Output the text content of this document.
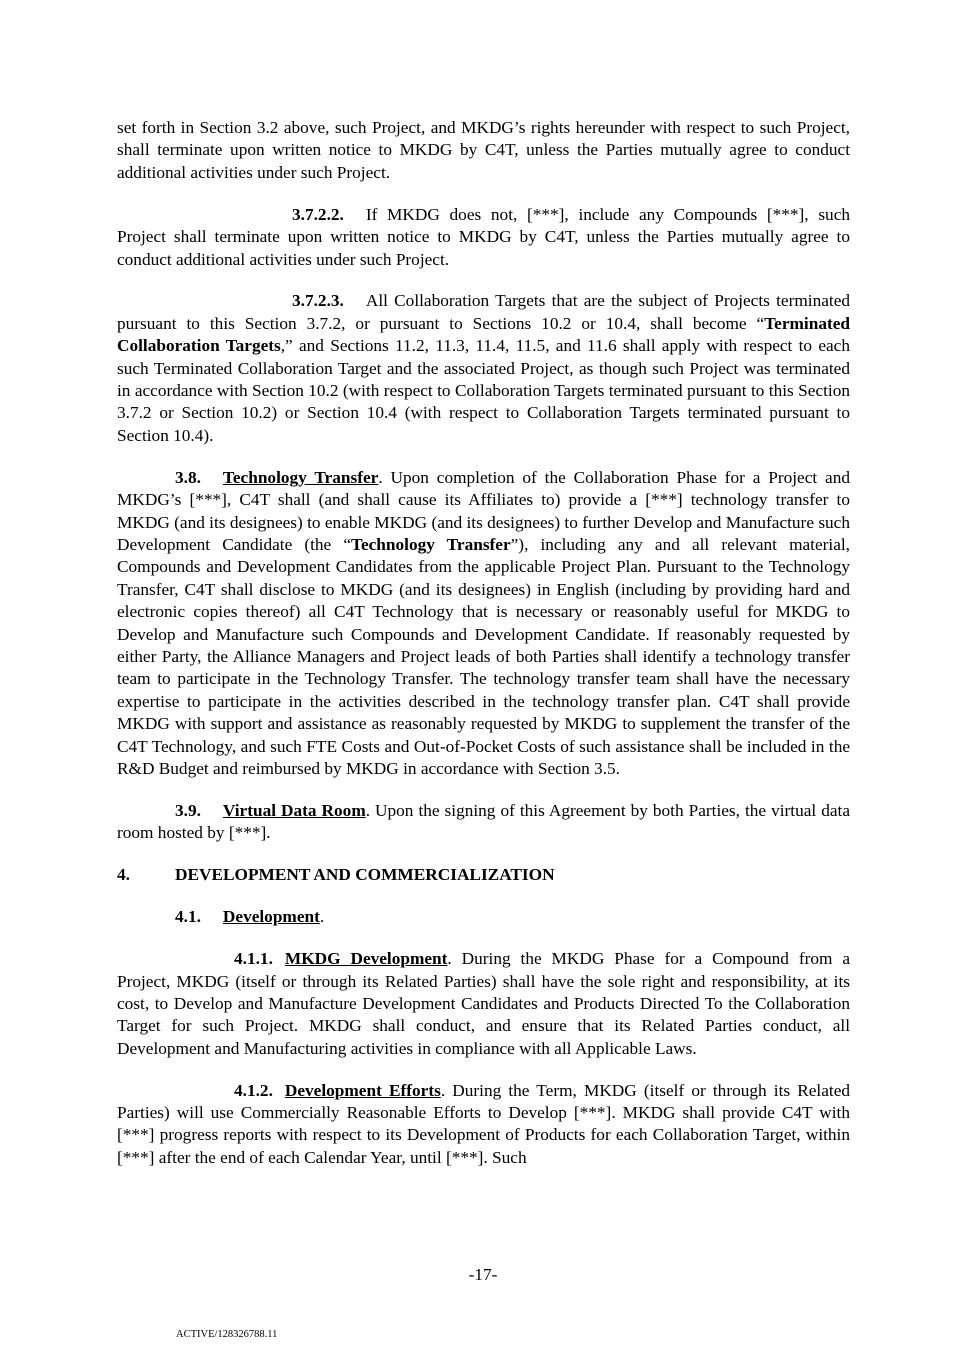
set forth in Section 3.2 above, such Project, and MKDG’s rights hereunder with respect to such Project, shall terminate upon written notice to MKDG by C4T, unless the Parties mutually agree to conduct additional activities under such Project.

3.7.2.2. If MKDG does not, [***], include any Compounds [***], such Project shall terminate upon written notice to MKDG by C4T, unless the Parties mutually agree to conduct additional activities under such Project.

3.7.2.3. All Collaboration Targets that are the subject of Projects terminated pursuant to this Section 3.7.2, or pursuant to Sections 10.2 or 10.4, shall become “Terminated Collaboration Targets,” and Sections 11.2, 11.3, 11.4, 11.5, and 11.6 shall apply with respect to each such Terminated Collaboration Target and the associated Project, as though such Project was terminated in accordance with Section 10.2 (with respect to Collaboration Targets terminated pursuant to this Section 3.7.2 or Section 10.2) or Section 10.4 (with respect to Collaboration Targets terminated pursuant to Section 10.4).

3.8. Technology Transfer. Upon completion of the Collaboration Phase for a Project and MKDG’s [***], C4T shall (and shall cause its Affiliates to) provide a [***] technology transfer to MKDG (and its designees) to enable MKDG (and its designees) to further Develop and Manufacture such Development Candidate (the “Technology Transfer”), including any and all relevant material, Compounds and Development Candidates from the applicable Project Plan. Pursuant to the Technology Transfer, C4T shall disclose to MKDG (and its designees) in English (including by providing hard and electronic copies thereof) all C4T Technology that is necessary or reasonably useful for MKDG to Develop and Manufacture such Compounds and Development Candidate. If reasonably requested by either Party, the Alliance Managers and Project leads of both Parties shall identify a technology transfer team to participate in the Technology Transfer. The technology transfer team shall have the necessary expertise to participate in the activities described in the technology transfer plan. C4T shall provide MKDG with support and assistance as reasonably requested by MKDG to supplement the transfer of the C4T Technology, and such FTE Costs and Out-of-Pocket Costs of such assistance shall be included in the R&D Budget and reimbursed by MKDG in accordance with Section 3.5.

3.9. Virtual Data Room. Upon the signing of this Agreement by both Parties, the virtual data room hosted by [***].

4.	DEVELOPMENT AND COMMERCIALIZATION

4.1. Development.

4.1.1. MKDG Development. During the MKDG Phase for a Compound from a Project, MKDG (itself or through its Related Parties) shall have the sole right and responsibility, at its cost, to Develop and Manufacture Development Candidates and Products Directed To the Collaboration Target for such Project. MKDG shall conduct, and ensure that its Related Parties conduct, all Development and Manufacturing activities in compliance with all Applicable Laws.

4.1.2. Development Efforts. During the Term, MKDG (itself or through its Related Parties) will use Commercially Reasonable Efforts to Develop [***]. MKDG shall provide C4T with [***] progress reports with respect to its Development of Products for each Collaboration Target, within [***] after the end of each Calendar Year, until [***]. Such

-17-
ACTIVE/128326788.11
